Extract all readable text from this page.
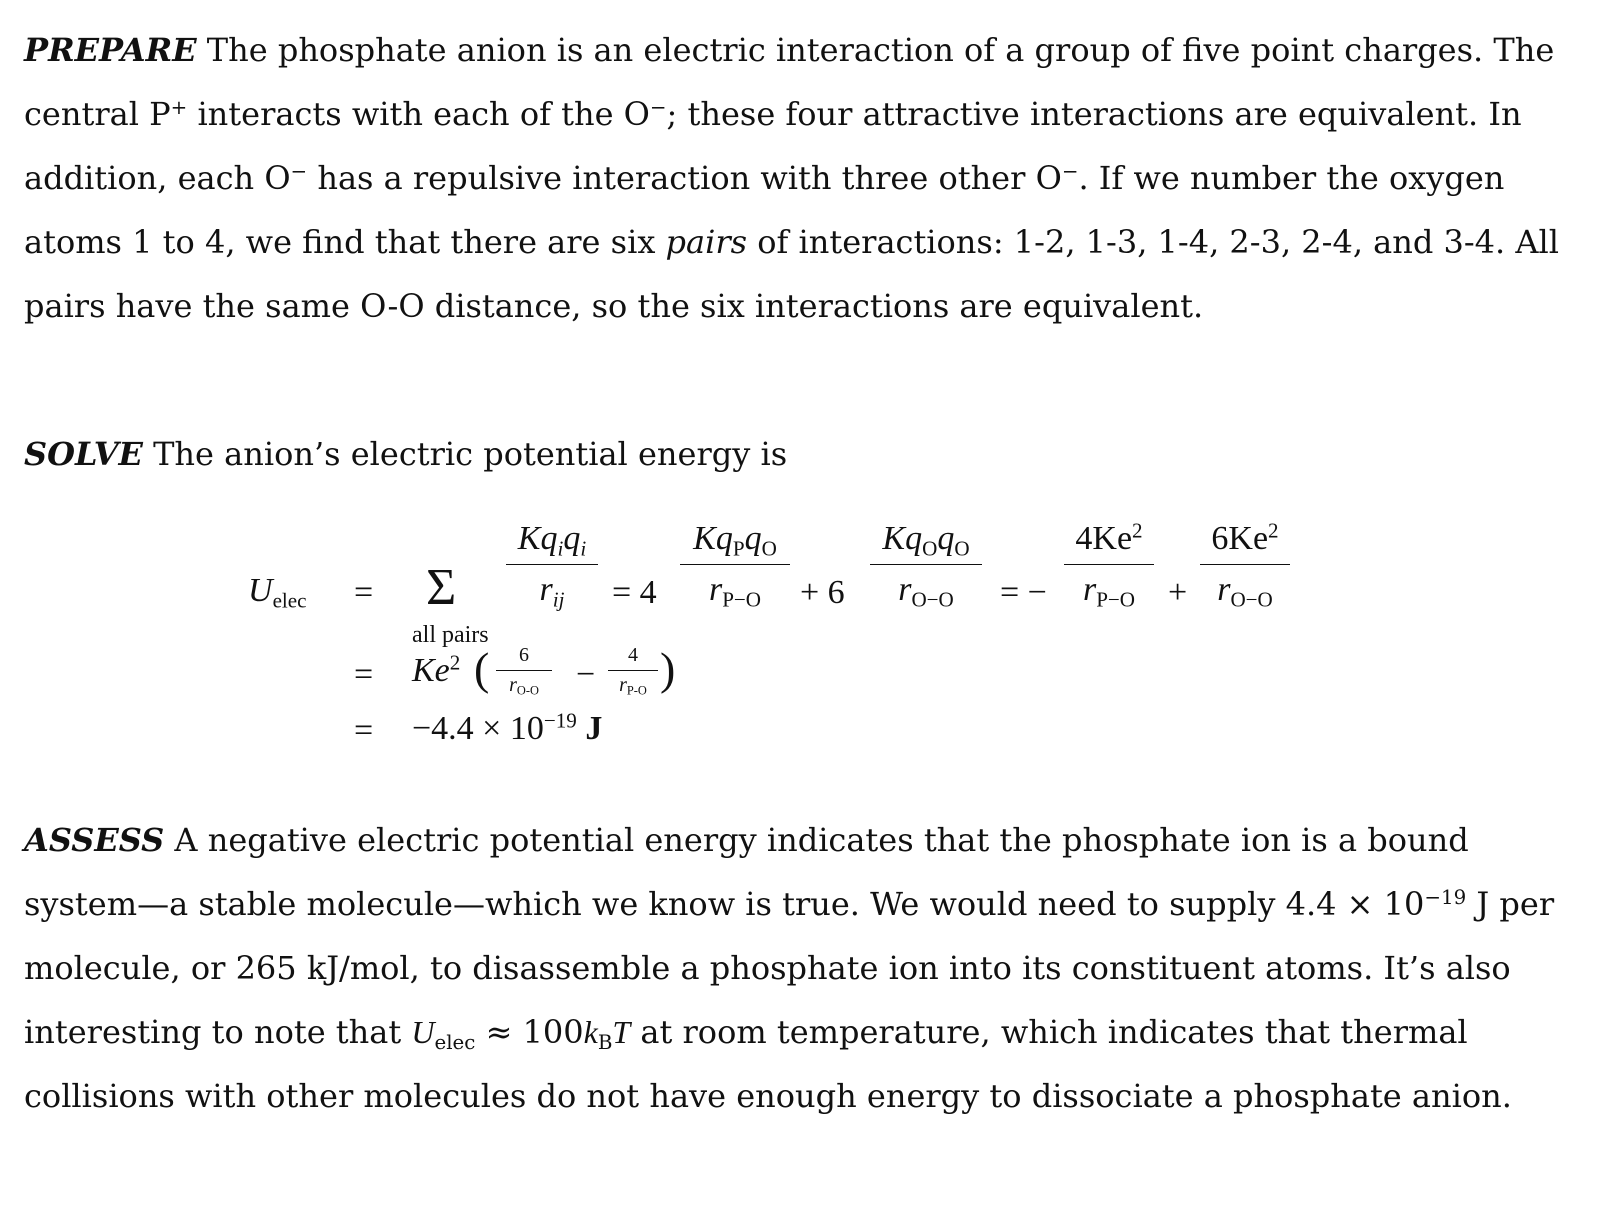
PREPARE The phosphate anion is an electric interaction of a group of five point charges. The central P+ interacts with each of the O−; these four attractive interactions are equivalent. In addition, each O− has a repulsive interaction with three other O−. If we number the oxygen atoms 1 to 4, we find that there are six pairs of interactions: 1-2, 1-3, 1-4, 2-3, 2-4, and 3-4. All pairs have the same O-O distance, so the six interactions are equivalent.
SOLVE The anion’s electric potential energy is
$U_{elec} = \Sigma$
all pairs
$Kq_iq_i$
$r_{ij}$	= 4
$Kq_Pq_O$
$r_{P-O}$	+ 6
$Kq_Oq_O$
$r_{O-O}$	= −
$4Ke^2$
$r_{P-O}$ +
$6Ke^2$
$r_{O-O}$
= $Ke^2$ (	6
$r_{O-O}$	−
4
$r_{P-O}$ )
= $-4.4 \times 10^{-19}$ J
ASSESS A negative electric potential energy indicates that the phosphate ion is a bound system—a stable molecule—which we know is true. We would need to supply $4.4 \times 10^{-19}$ J per molecule, or 265 kJ/mol, to disassemble a phosphate ion into its constituent atoms. It’s also interesting to note that $U_{elec} \approx 100k_BT$ at room temperature, which indicates that thermal collisions with other molecules do not have enough energy to dissociate a phosphate anion.
